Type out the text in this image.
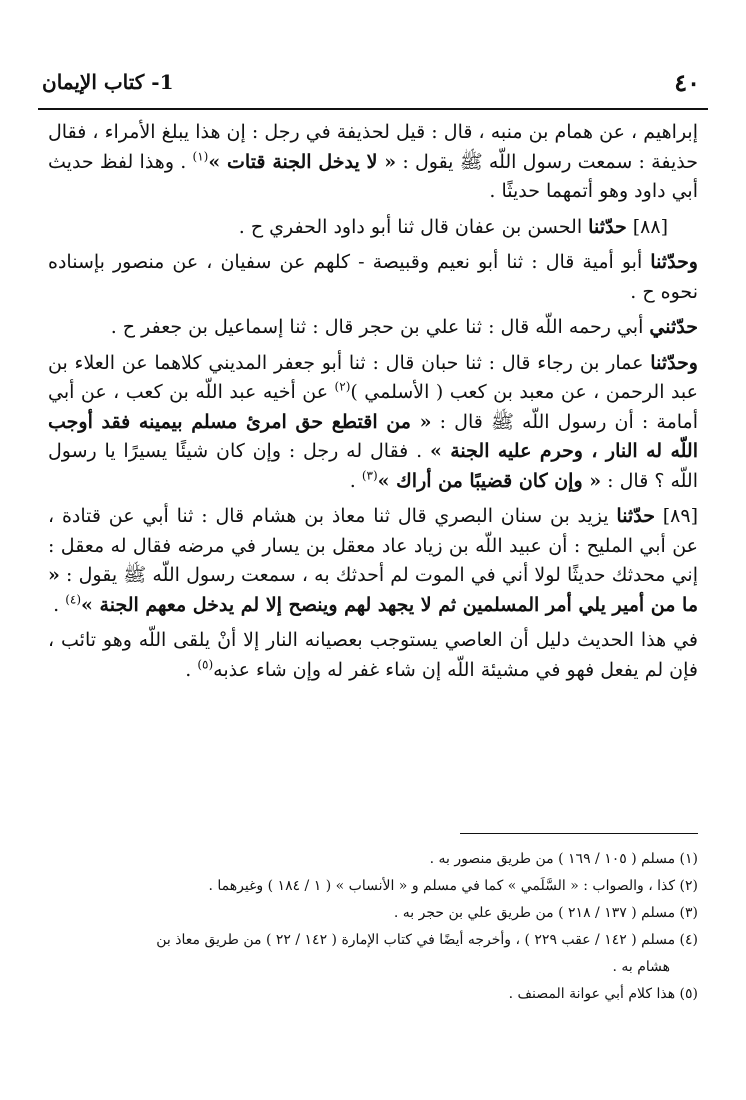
٤٠
1- كتاب الإيمان

إبراهيم ، عن همام بن منبه ، قال : قيل لحذيفة في رجل : إن هذا يبلغ الأمراء ، فقال حذيفة : سمعت رسول اللّه ﷺ يقول : « لا يدخل الجنة قتات »$^{(١)}$ . وهذا لفظ حديث أبي داود وهو أتمهما حديثًا .

[٨٨] حدّثنا الحسن بن عفان قال ثنا أبو داود الحفري ح .

وحدّثنا أبو أمية قال : ثنا أبو نعيم وقبيصة - كلهم عن سفيان ، عن منصور بإسناده نحوه ح .

حدّثني أبي رحمه اللّه قال : ثنا علي بن حجر قال : ثنا إسماعيل بن جعفر ح .

وحدّثنا عمار بن رجاء قال : ثنا حبان قال : ثنا أبو جعفر المديني كلاهما عن العلاء بن عبد الرحمن ، عن معبد بن كعب ( الأسلمي )$^{(٢)}$ عن أخيه عبد اللّه بن كعب ، عن أبي أمامة : أن رسول اللّه ﷺ قال : « من اقتطع حق امرئ مسلم بيمينه فقد أوجب اللّه له النار ، وحرم عليه الجنة » . فقال له رجل : وإن كان شيئًا يسيرًا يا رسول اللّه ؟ قال : « وإن كان قضيبًا من أراك »$^{(٣)}$ .

[٨٩] حدّثنا يزيد بن سنان البصري قال ثنا معاذ بن هشام قال : ثنا أبي عن قتادة ، عن أبي المليح : أن عبيد اللّه بن زياد عاد معقل بن يسار في مرضه فقال له معقل : إني محدثك حديثًا لولا أني في الموت لم أحدثك به ، سمعت رسول اللّه ﷺ يقول : « ما من أمير يلي أمر المسلمين ثم لا يجهد لهم وينصح إلا لم يدخل معهم الجنة »$^{(٤)}$ .

في هذا الحديث دليل أن العاصي يستوجب بعصيانه النار إلا أنْ يلقى اللّه وهو تائب ، فإن لم يفعل فهو في مشيئة اللّه إن شاء غفر له وإن شاء عذبه$^{(٥)}$ .

(١) مسلم ( ١٠٥ / ١٦٩ ) من طريق منصور به .

(٢) كذا ، والصواب : « السَّلَمي » كما في مسلم و « الأنساب » ( ١ / ١٨٤ ) وغيرهما .

(٣) مسلم ( ١٣٧ / ٢١٨ ) من طريق علي بن حجر به .

(٤) مسلم ( ١٤٢ / عقب ٢٢٩ ) ، وأخرجه أيضًا في كتاب الإمارة ( ١٤٢ / ٢٢ ) من طريق معاذ بن

هشام به .

(٥) هذا كلام أبي عوانة المصنف .
